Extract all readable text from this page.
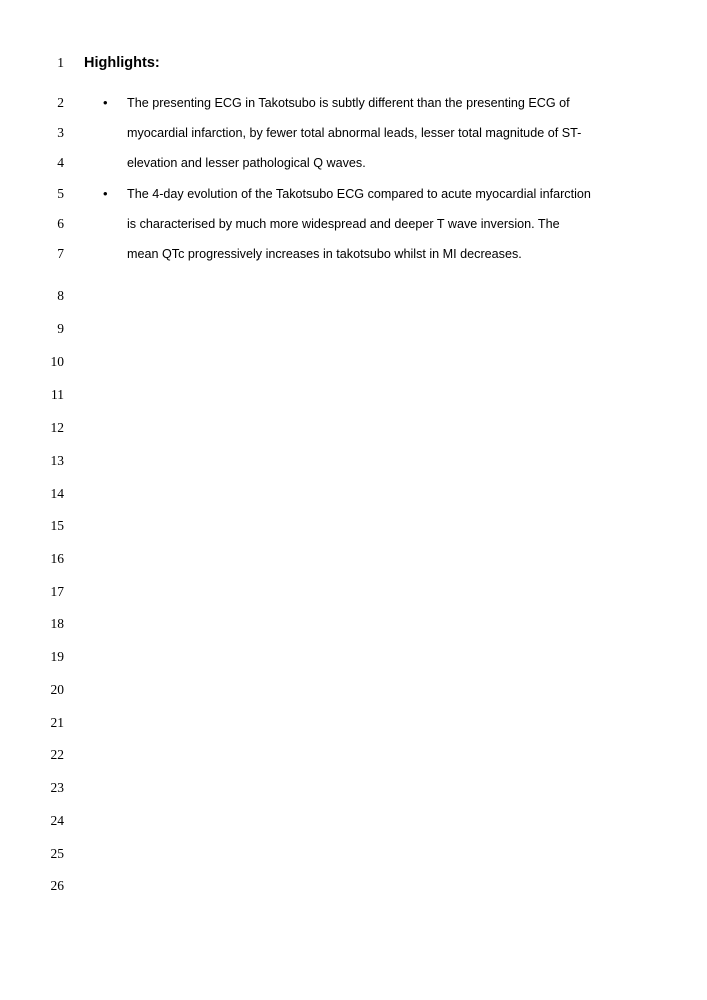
1
2
3
4
5
6
7
8
9
10
11
12
13
14
15
16
17
18
19
20
21
22
23
24
25
26
Highlights:
• The presenting ECG in Takotsubo is subtly different than the presenting ECG of
myocardial infarction, by fewer total abnormal leads, lesser total magnitude of ST-
elevation and lesser pathological Q waves.
• The 4-day evolution of the Takotsubo ECG compared to acute myocardial infarction
is characterised by much more widespread and deeper T wave inversion. The
mean QTc progressively increases in takotsubo whilst in MI decreases.
